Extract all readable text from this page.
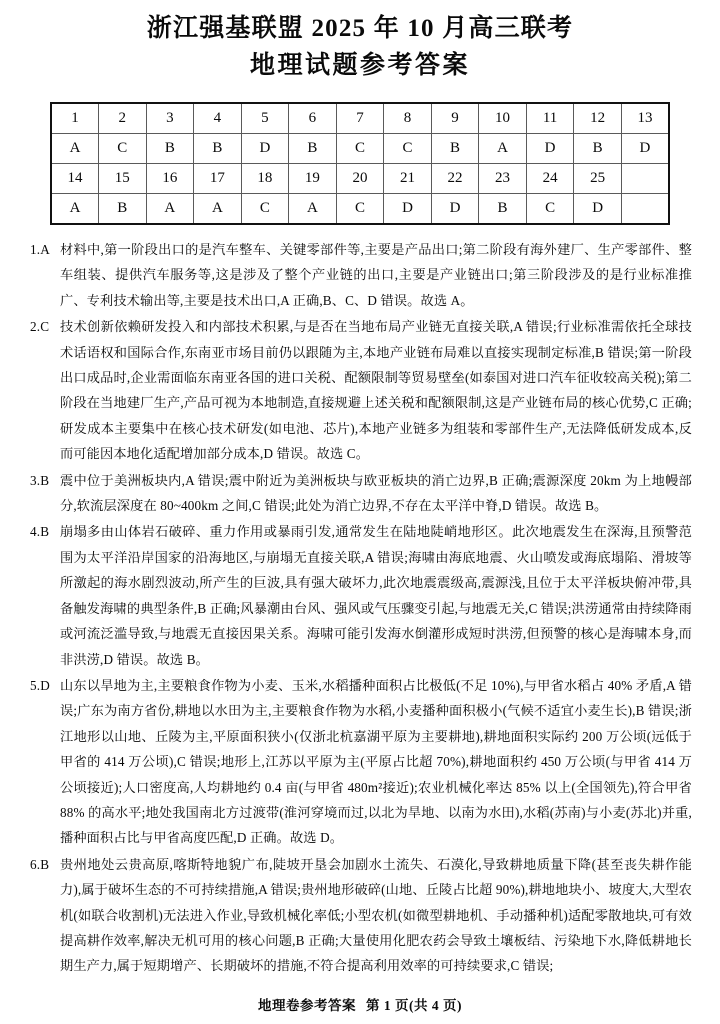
浙江强基联盟 2025 年 10 月高三联考
地理试题参考答案
1	2	3	4	5	6	7	8	9	10	11	12	13
A	C	B	B	D	B	C	C	B	A	D	B	D
14	15	16	17	18	19	20	21	22	23	24	25	
A	B	A	A	C	A	C	D	D	B	C	D	
1.A 材料中,第一阶段出口的是汽车整车、关键零部件等,主要是产品出口;第二阶段有海外建厂、生产零部件、整车组装、提供汽车服务等,这是涉及了整个产业链的出口,主要是产业链出口;第三阶段涉及的是行业标准推广、专利技术输出等,主要是技术出口,A 正确,B、C、D 错误。故选 A。
2.C 技术创新依赖研发投入和内部技术积累,与是否在当地布局产业链无直接关联,A 错误;行业标准需依托全球技术话语权和国际合作,东南亚市场目前仍以跟随为主,本地产业链布局难以直接实现制定标准,B 错误;第一阶段出口成品时,企业需面临东南亚各国的进口关税、配额限制等贸易壁垒(如泰国对进口汽车征收较高关税);第二阶段在当地建厂生产,产品可视为本地制造,直接规避上述关税和配额限制,这是产业链布局的核心优势,C 正确;研发成本主要集中在核心技术研发(如电池、芯片),本地产业链多为组装和零部件生产,无法降低研发成本,反而可能因本地化适配增加部分成本,D 错误。故选 C。
3.B 震中位于美洲板块内,A 错误;震中附近为美洲板块与欧亚板块的消亡边界,B 正确;震源深度 20km 为上地幔部分,软流层深度在 80~400km 之间,C 错误;此处为消亡边界,不存在太平洋中脊,D 错误。故选 B。
4.B 崩塌多由山体岩石破碎、重力作用或暴雨引发,通常发生在陆地陡峭地形区。此次地震发生在深海,且预警范围为太平洋沿岸国家的沿海地区,与崩塌无直接关联,A 错误;海啸由海底地震、火山喷发或海底塌陷、滑坡等所激起的海水剧烈波动,所产生的巨波,具有强大破坏力,此次地震震级高,震源浅,且位于太平洋板块俯冲带,具备触发海啸的典型条件,B 正确;风暴潮由台风、强风或气压骤变引起,与地震无关,C 错误;洪涝通常由持续降雨或河流泛滥导致,与地震无直接因果关系。海啸可能引发海水倒灌形成短时洪涝,但预警的核心是海啸本身,而非洪涝,D 错误。故选 B。
5.D 山东以旱地为主,主要粮食作物为小麦、玉米,水稻播种面积占比极低(不足 10%),与甲省水稻占 40% 矛盾,A 错误;广东为南方省份,耕地以水田为主,主要粮食作物为水稻,小麦播种面积极小(气候不适宜小麦生长),B 错误;浙江地形以山地、丘陵为主,平原面积狭小(仅浙北杭嘉湖平原为主要耕地),耕地面积实际约 200 万公顷(远低于甲省的 414 万公顷),C 错误;地形上,江苏以平原为主(平原占比超 70%),耕地面积约 450 万公顷(与甲省 414 万公顷接近);人口密度高,人均耕地约 0.4 亩(与甲省 480m²接近);农业机械化率达 85% 以上(全国领先),符合甲省 88% 的高水平;地处我国南北方过渡带(淮河穿境而过,以北为旱地、以南为水田),水稻(苏南)与小麦(苏北)并重,播种面积占比与甲省高度匹配,D 正确。故选 D。
6.B 贵州地处云贵高原,喀斯特地貌广布,陡坡开垦会加剧水土流失、石漠化,导致耕地质量下降(甚至丧失耕作能力),属于破坏生态的不可持续措施,A 错误;贵州地形破碎(山地、丘陵占比超 90%),耕地地块小、坡度大,大型农机(如联合收割机)无法进入作业,导致机械化率低;小型农机(如微型耕地机、手动播种机)适配零散地块,可有效提高耕作效率,解决无机可用的核心问题,B 正确;大量使用化肥农药会导致土壤板结、污染地下水,降低耕地长期生产力,属于短期增产、长期破坏的措施,不符合提高利用效率的可持续要求,C 错误;
地理卷参考答案 第 1 页(共 4 页)
